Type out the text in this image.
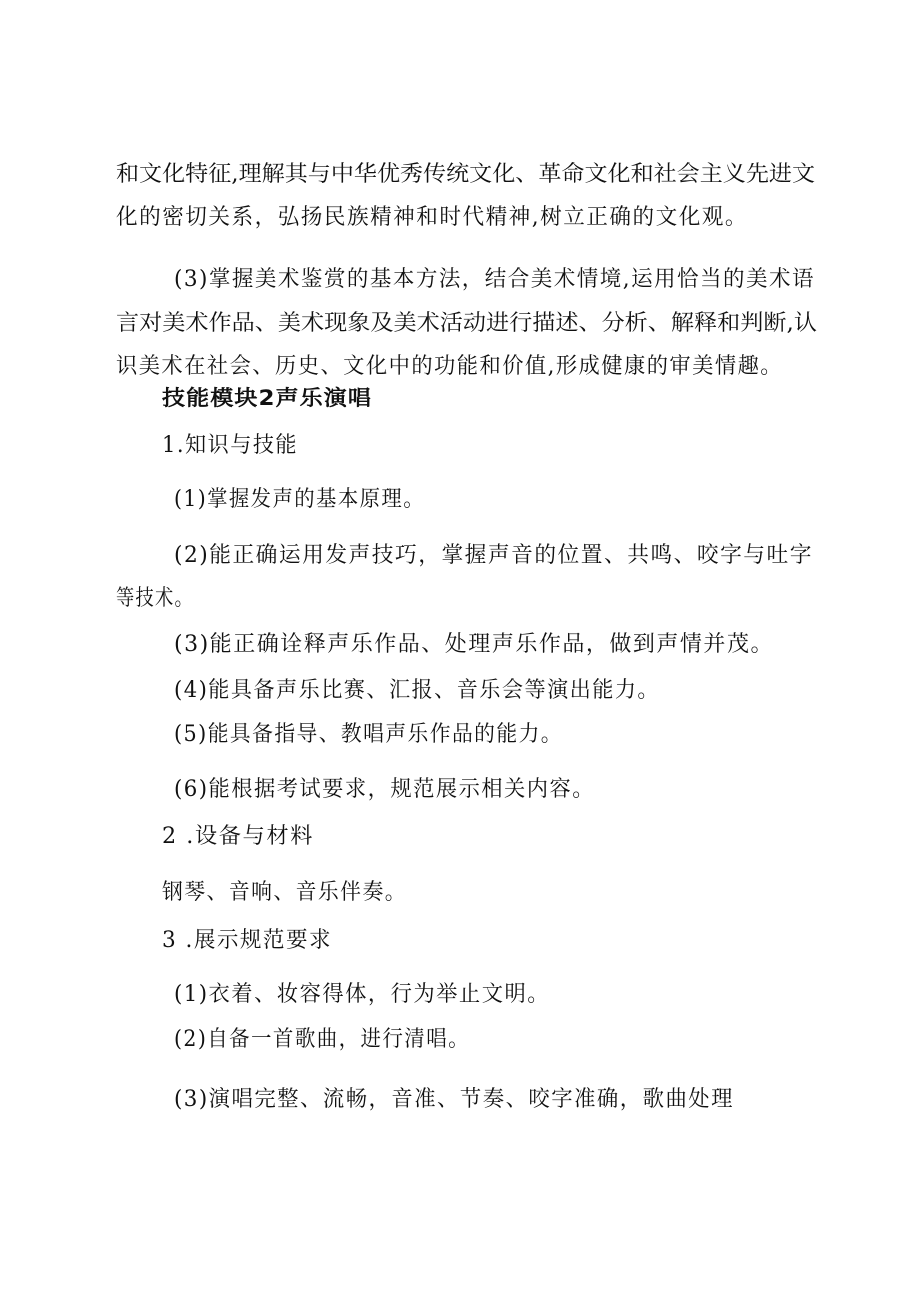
和文化特征,理解其与中华优秀传统文化、革命文化和社会主义先进文
化的密切关系，弘扬民族精神和时代精神,树立正确的文化观。
(3)掌握美术鉴赏的基本方法，结合美术情境,运用恰当的美术语
言对美术作品、美术现象及美术活动进行描述、分析、解释和判断,认
识美术在社会、历史、文化中的功能和价值,形成健康的审美情趣。
技能模块2声乐演唱
1.知识与技能
(1)掌握发声的基本原理。
(2)能正确运用发声技巧，掌握声音的位置、共鸣、咬字与吐字
等技术。
(3)能正确诠释声乐作品、处理声乐作品，做到声情并茂。
(4)能具备声乐比赛、汇报、音乐会等演出能力。
(5)能具备指导、教唱声乐作品的能力。
(6)能根据考试要求，规范展示相关内容。
2 .设备与材料
钢琴、音响、音乐伴奏。
3 .展示规范要求
(1)衣着、妆容得体，行为举止文明。
(2)自备一首歌曲，进行清唱。
(3)演唱完整、流畅，音准、节奏、咬字准确，歌曲处理
